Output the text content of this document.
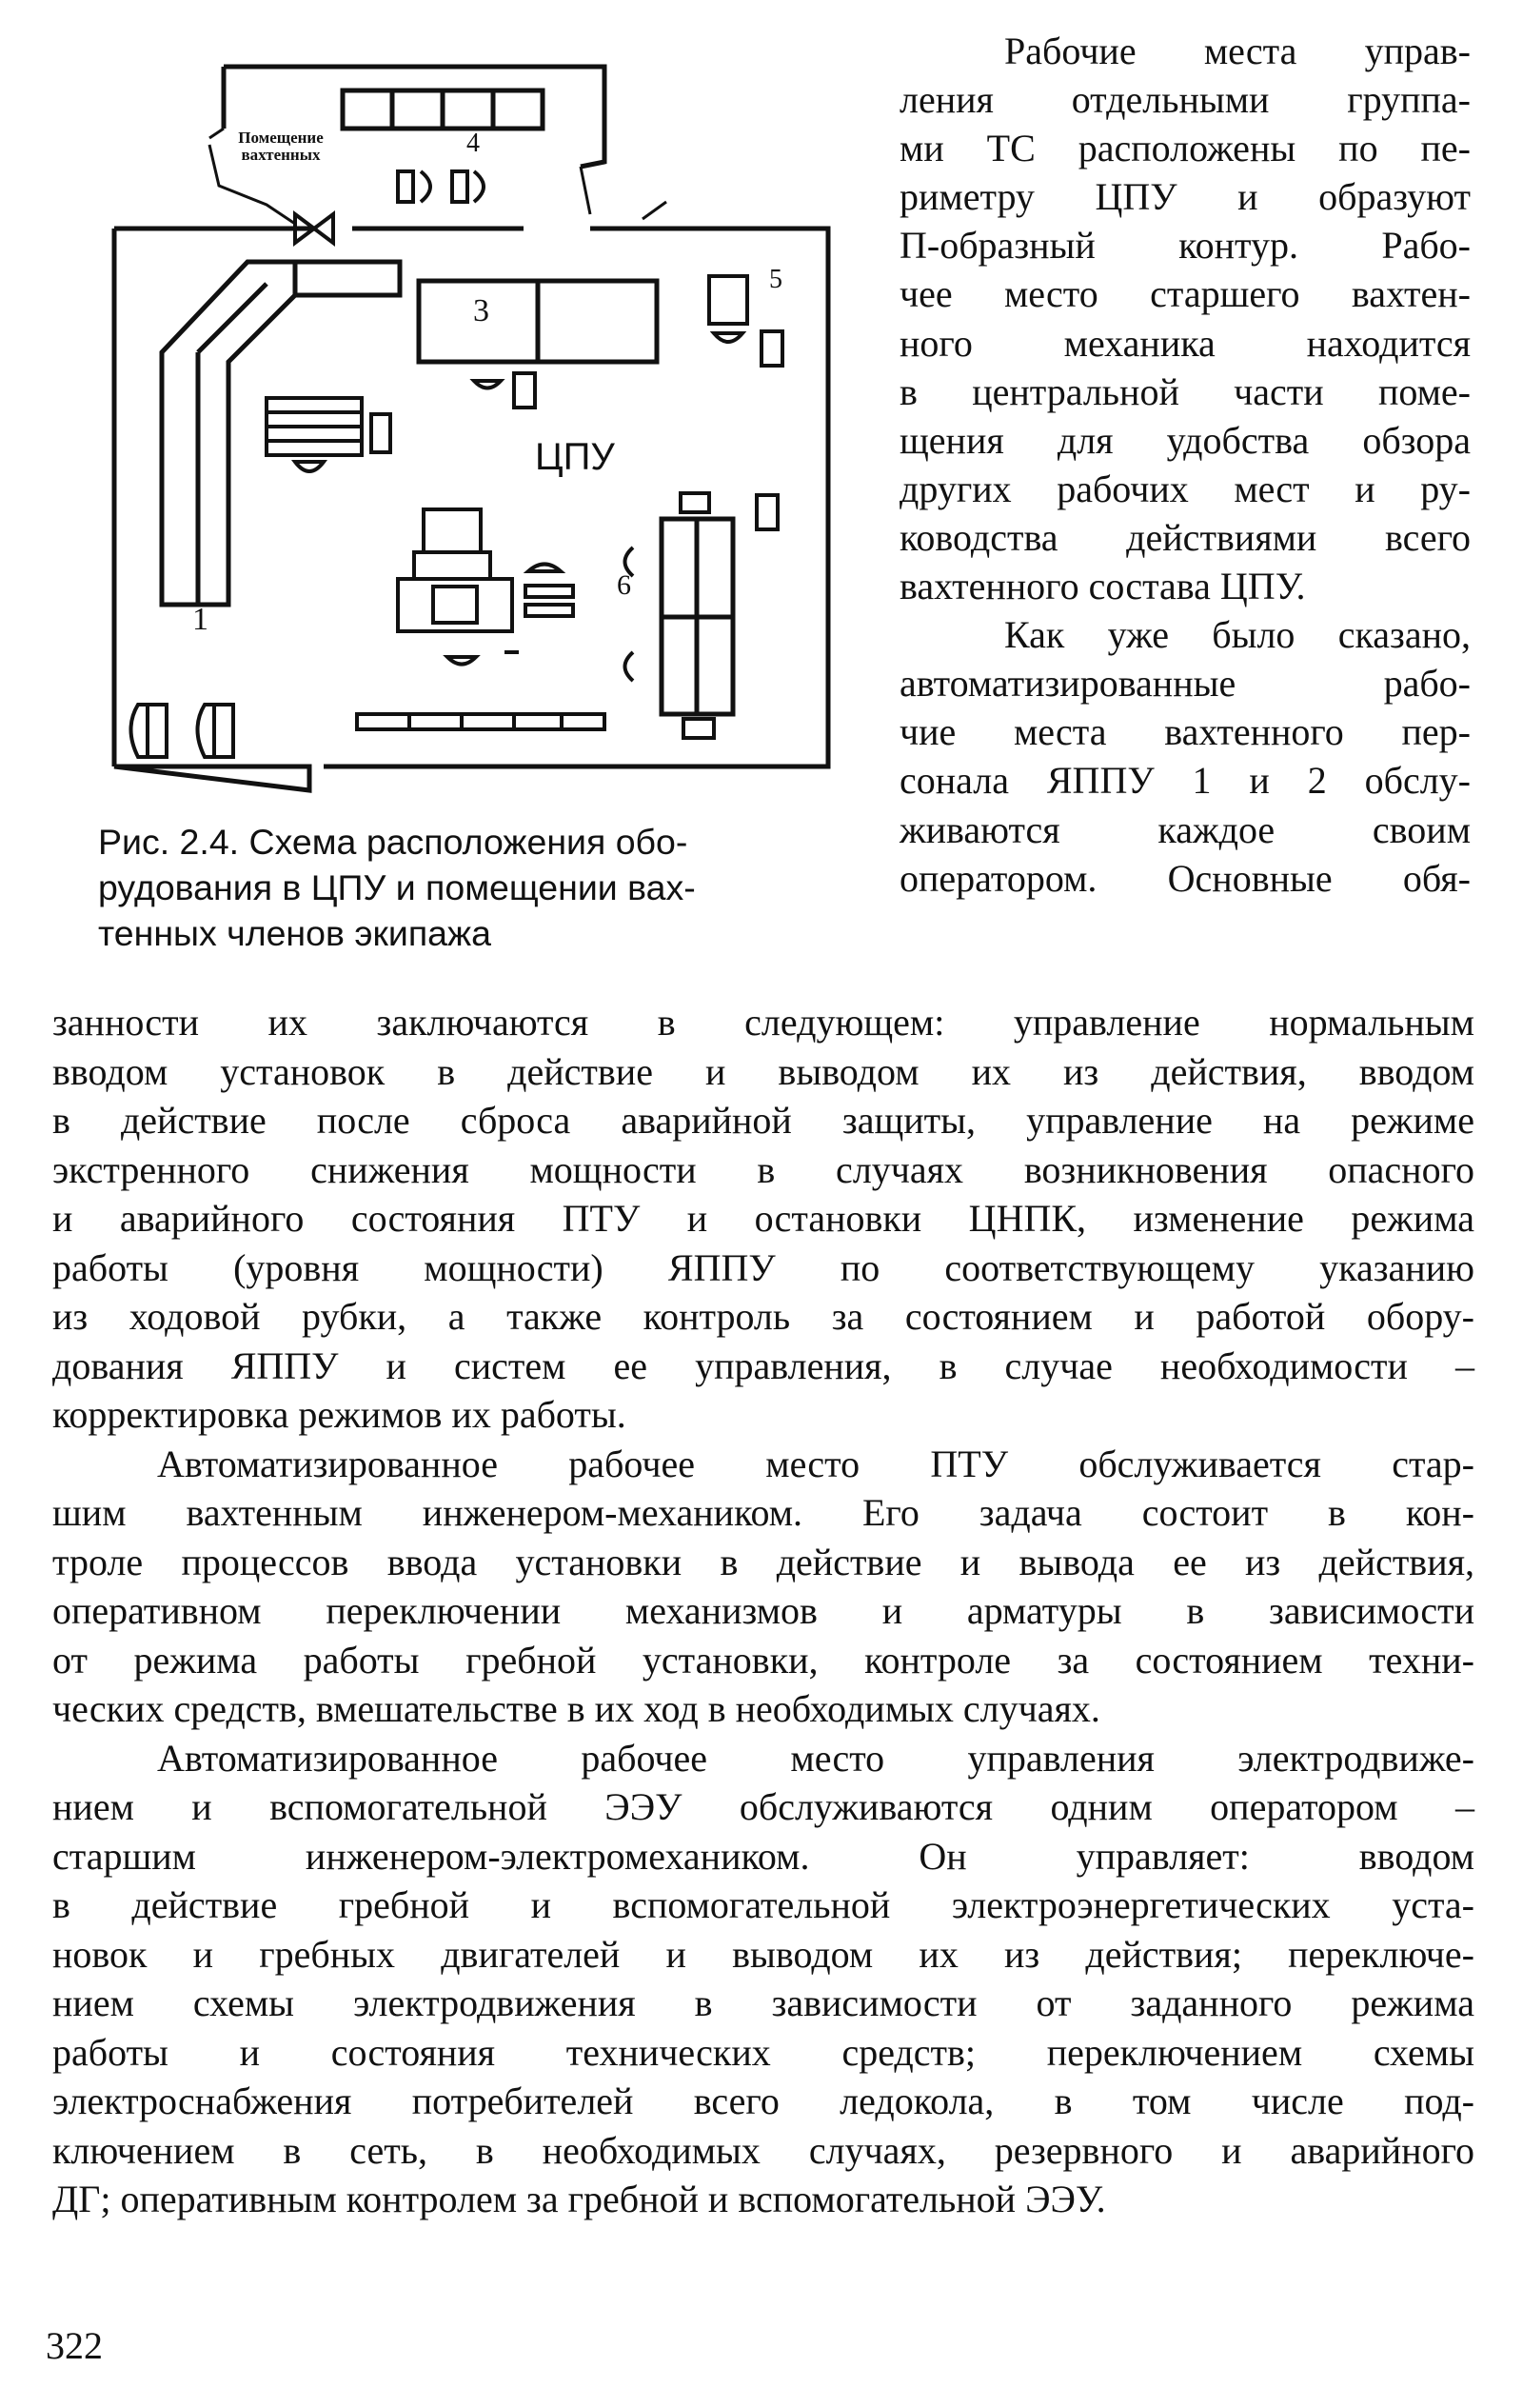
Помещение
вахтенных
ЦПУ
1
3
4
5
6

Рис. 2.4. Схема расположения обо-

рудования в ЦПУ и помещении вах-

тенных членов экипажа

Рабочие места управ-

ления отдельными группа-

ми ТС расположены по пе-

риметру ЦПУ и образуют

П-образный контур. Рабо-

чее место старшего вахтен-

ного механика находится

в центральной части поме-

щения для удобства обзора

других рабочих мест и ру-

ководства действиями всего

вахтенного состава ЦПУ.

Как уже было сказано,

автоматизированные рабо-

чие места вахтенного пер-

сонала ЯППУ 1 и 2 обслу-

живаются каждое своим

оператором. Основные обя-

занности их заключаются в следующем: управление нормальным

вводом установок в действие и выводом их из действия, вводом

в действие после сброса аварийной защиты, управление на режиме

экстренного снижения мощности в случаях возникновения опасного

и аварийного состояния ПТУ и остановки ЦНПК, изменение режима

работы (уровня мощности) ЯППУ по соответствующему указанию

из ходовой рубки, а также контроль за состоянием и работой обору-

дования ЯППУ и систем ее управления, в случае необходимости –

корректировка режимов их работы.

Автоматизированное рабочее место ПТУ обслуживается стар-

шим вахтенным инженером-механиком. Его задача состоит в кон-

троле процессов ввода установки в действие и вывода ее из действия,

оперативном переключении механизмов и арматуры в зависимости

от режима работы гребной установки, контроле за состоянием техни-

ческих средств, вмешательстве в их ход в необходимых случаях.

Автоматизированное рабочее место управления электродвиже-

нием и вспомогательной ЭЭУ обслуживаются одним оператором –

старшим инженером-электромехаником. Он управляет: вводом

в действие гребной и вспомогательной электроэнергетических уста-

новок и гребных двигателей и выводом их из действия; переключе-

нием схемы электродвижения в зависимости от заданного режима

работы и состояния технических средств; переключением схемы

электроснабжения потребителей всего ледокола, в том числе под-

ключением в сеть, в необходимых случаях, резервного и аварийного

ДГ; оперативным контролем за гребной и вспомогательной ЭЭУ.

322
